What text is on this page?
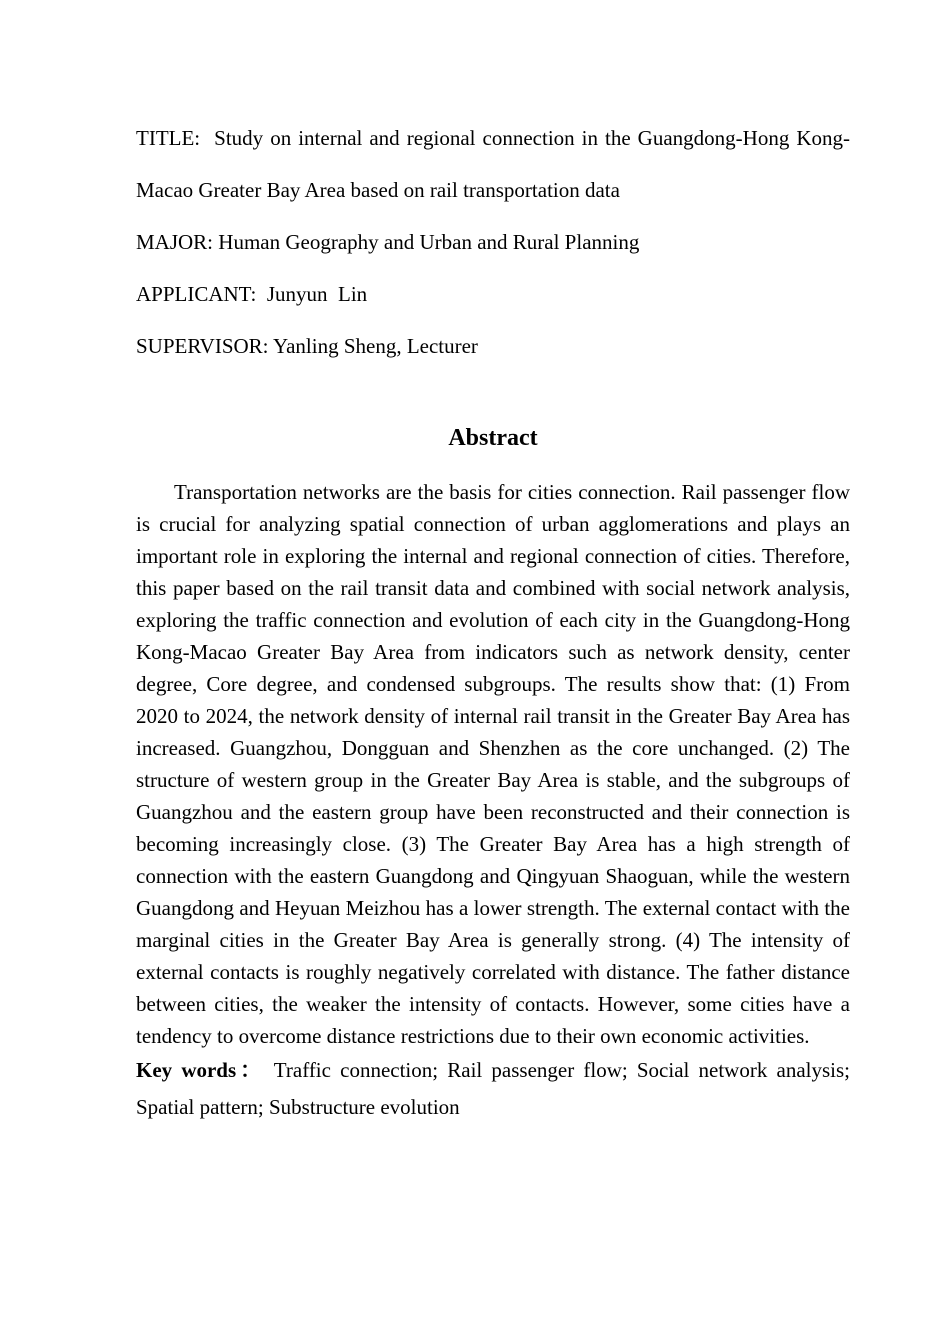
TITLE: Study on internal and regional connection in the Guangdong-Hong Kong-Macao Greater Bay Area based on rail transportation data

MAJOR: Human Geography and Urban and Rural Planning

APPLICANT: Junyun  Lin

SUPERVISOR: Yanling Sheng, Lecturer

Abstract

Transportation networks are the basis for cities connection. Rail passenger flow is crucial for analyzing spatial connection of urban agglomerations and plays an important role in exploring the internal and regional connection of cities. Therefore, this paper based on the rail transit data and combined with social network analysis, exploring the traffic connection and evolution of each city in the Guangdong-Hong Kong-Macao Greater Bay Area from indicators such as network density, center degree, Core degree, and condensed subgroups. The results show that: (1) From 2020 to 2024, the network density of internal rail transit in the Greater Bay Area has increased. Guangzhou, Dongguan and Shenzhen as the core unchanged. (2) The structure of western group in the Greater Bay Area is stable, and the subgroups of Guangzhou and the eastern group have been reconstructed and their connection is becoming increasingly close. (3) The Greater Bay Area has a high strength of connection with the eastern Guangdong and Qingyuan Shaoguan, while the western Guangdong and Heyuan Meizhou has a lower strength. The external contact with the marginal cities in the Greater Bay Area is generally strong. (4) The intensity of external contacts is roughly negatively correlated with distance. The father distance between cities, the weaker the intensity of contacts. However, some cities have a tendency to overcome distance restrictions due to their own economic activities.

Key words： Traffic connection; Rail passenger flow; Social network analysis; Spatial pattern; Substructure evolution
